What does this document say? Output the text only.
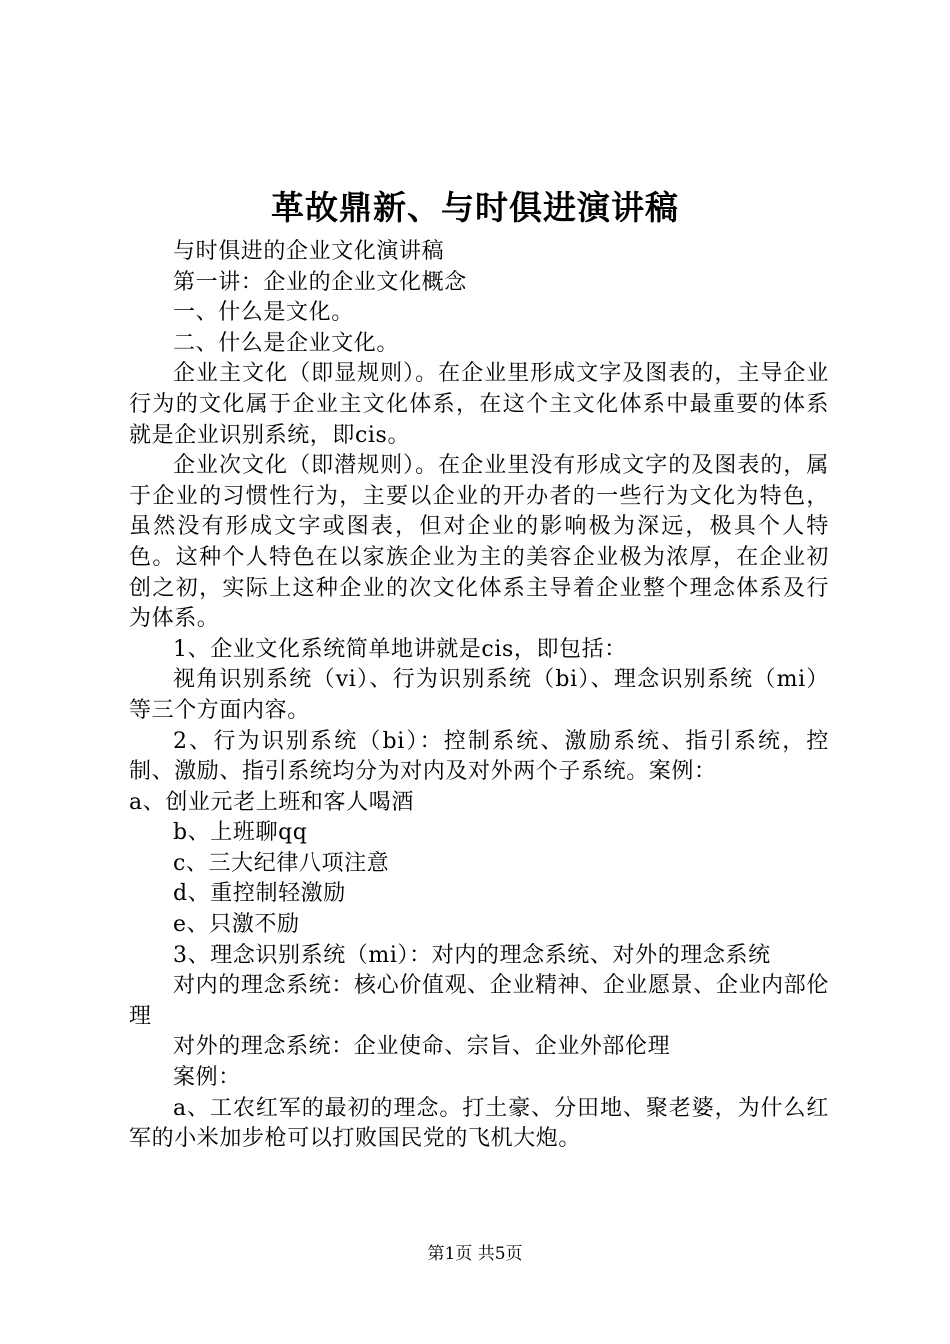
革故鼎新、与时俱进演讲稿

与时俱进的企业文化演讲稿

第一讲：企业的企业文化概念

一、什么是文化。

二、什么是企业文化。

企业主文化（即显规则）。在企业里形成文字及图表的，主导企业行为的文化属于企业主文化体系，在这个主文化体系中最重要的体系就是企业识别系统，即cis。

企业次文化（即潜规则）。在企业里没有形成文字的及图表的，属于企业的习惯性行为，主要以企业的开办者的一些行为文化为特色，虽然没有形成文字或图表，但对企业的影响极为深远，极具个人特色。这种个人特色在以家族企业为主的美容企业极为浓厚，在企业初创之初，实际上这种企业的次文化体系主导着企业整个理念体系及行为体系。

1、企业文化系统简单地讲就是cis，即包括：

视角识别系统（vi）、行为识别系统（bi）、理念识别系统（mi）等三个方面内容。

2、行为识别系统（bi）：控制系统、激励系统、指引系统，控制、激励、指引系统均分为对内及对外两个子系统。案例：

a、创业元老上班和客人喝酒

b、上班聊qq

c、三大纪律八项注意

d、重控制轻激励

e、只激不励

3、理念识别系统（mi）：对内的理念系统、对外的理念系统

对内的理念系统：核心价值观、企业精神、企业愿景、企业内部伦理

对外的理念系统：企业使命、宗旨、企业外部伦理

案例：

a、工农红军的最初的理念。打土豪、分田地、聚老婆，为什么红军的小米加步枪可以打败国民党的飞机大炮。

第1页 共5页
